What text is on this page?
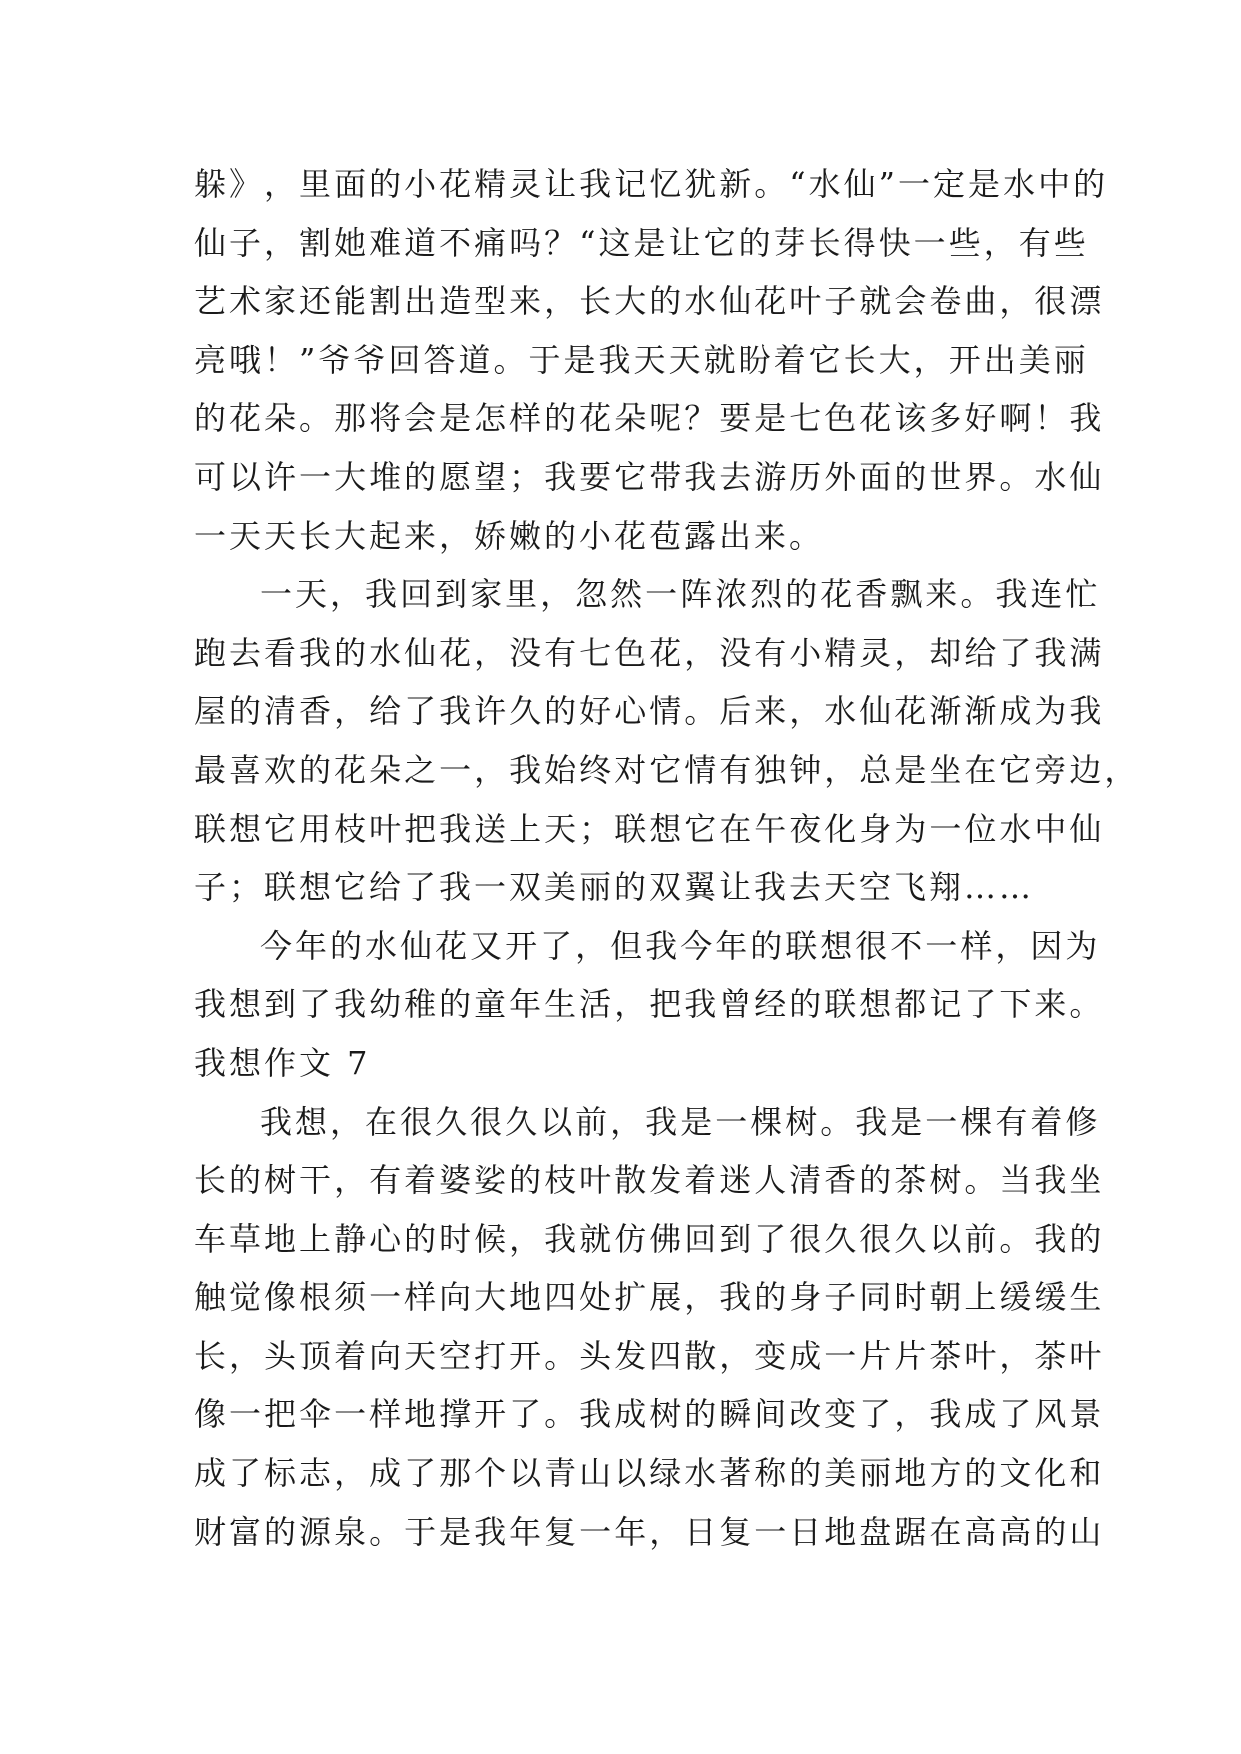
躲 》 ， 里 面 的 小 花 精 灵 让 我 记 忆 犹 新 。 “ 水 仙 ” 一 定 是 水 中 的
仙 子 ， 割 她 难 道 不 痛 吗 ？ “ 这 是 让 它 的 芽 长 得 快 一 些 ， 有 些
艺 术 家 还 能 割 出 造 型 来 ， 长 大 的 水 仙 花 叶 子 就 会 卷 曲 ， 很 漂
亮 哦 ！ ” 爷 爷 回 答 道 。 于 是 我 天 天 就 盼 着 它 长 大 ， 开 出 美 丽
的 花 朵 。 那 将 会 是 怎 样 的 花 朵 呢 ？ 要 是 七 色 花 该 多 好 啊 ！ 我
可 以 许 一 大 堆 的 愿 望 ； 我 要 它 带 我 去 游 历 外 面 的 世 界 。 水 仙
一天天长大起来，娇嫩的小花苞露出来。
一 天 ， 我 回 到 家 里 ， 忽 然 一 阵 浓 烈 的 花 香 飘 来 。 我 连 忙
跑 去 看 我 的 水 仙 花 ， 没 有 七 色 花 ， 没 有 小 精 灵 ， 却 给 了 我 满
屋 的 清 香 ， 给 了 我 许 久 的 好 心 情 。 后 来 ， 水 仙 花 渐 渐 成 为 我
最 喜 欢 的 花 朵 之 一 ， 我 始 终 对 它 情 有 独 钟 ， 总 是 坐 在 它 旁 边 ，
联 想 它 用 枝 叶 把 我 送 上 天 ； 联 想 它 在 午 夜 化 身 为 一 位 水 中 仙
子；联想它给了我一双美丽的双翼让我去天空飞翔……
今 年 的 水 仙 花 又 开 了 ， 但 我 今 年 的 联 想 很 不 一 样 ， 因 为
我 想 到 了 我 幼 稚 的 童 年 生 活 ， 把 我 曾 经 的 联 想 都 记 了 下 来 。
我想作文 7
我 想 ， 在 很 久 很 久 以 前 ， 我 是 一 棵 树 。 我 是 一 棵 有 着 修
长 的 树 干 ， 有 着 婆 娑 的 枝 叶 散 发 着 迷 人 清 香 的 茶 树 。 当 我 坐
车 草 地 上 静 心 的 时 候 ， 我 就 仿 佛 回 到 了 很 久 很 久 以 前 。 我 的
触 觉 像 根 须 一 样 向 大 地 四 处 扩 展 ， 我 的 身 子 同 时 朝 上 缓 缓 生
长 ， 头 顶 着 向 天 空 打 开 。 头 发 四 散 ， 变 成 一 片 片 茶 叶 ， 茶 叶
像 一 把 伞 一 样 地 撑 开 了 。 我 成 树 的 瞬 间 改 变 了 ， 我 成 了 风 景
成 了 标 志 ， 成 了 那 个 以 青 山 以 绿 水 著 称 的 美 丽 地 方 的 文 化 和
财 富 的 源 泉 。 于 是 我 年 复 一 年 ， 日 复 一 日 地 盘 踞 在 高 高 的 山
